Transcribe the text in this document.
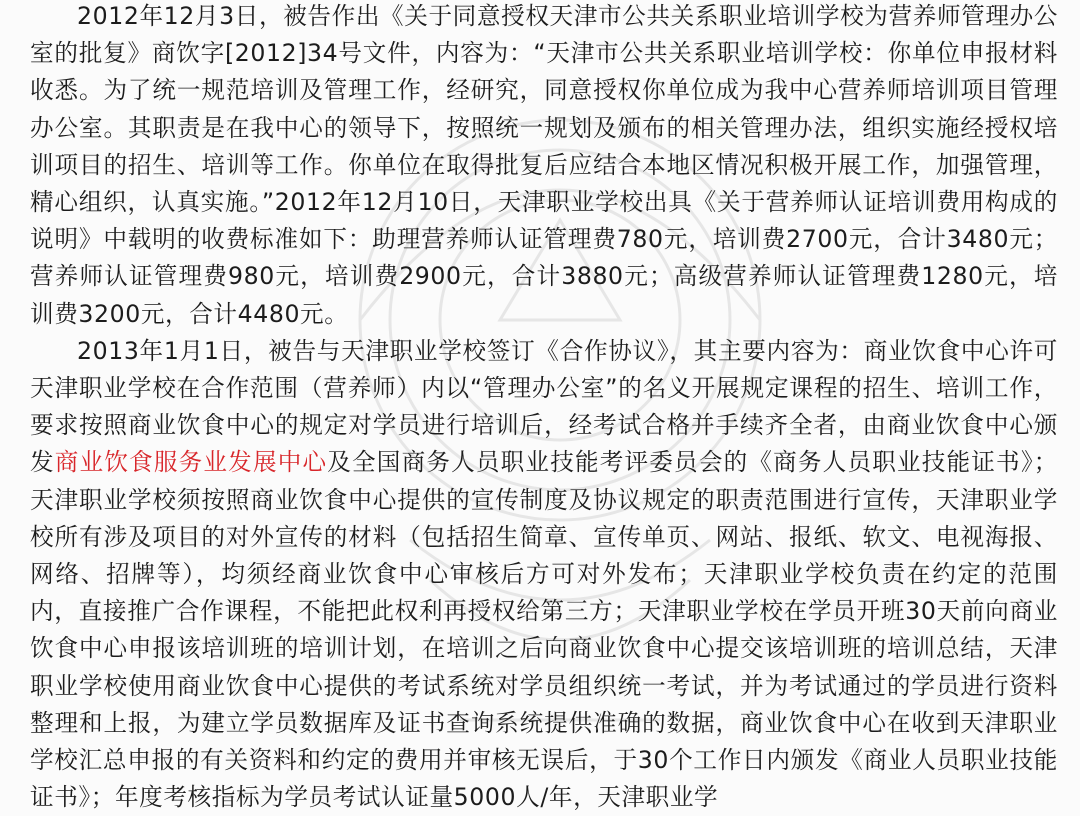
2012年12月3日，被告作出《关于同意授权天津市公共关系职业培训学校为营养师管理办公室的批复》商饮字[2012]34号文件，内容为：“天津市公共关系职业培训学校：你单位申报材料收悉。为了统一规范培训及管理工作，经研究，同意授权你单位成为我中心营养师培训项目管理办公室。其职责是在我中心的领导下，按照统一规划及颁布的相关管理办法，组织实施经授权培训项目的招生、培训等工作。你单位在取得批复后应结合本地区情况积极开展工作，加强管理，精心组织，认真实施。”2012年12月10日，天津职业学校出具《关于营养师认证培训费用构成的说明》中载明的收费标准如下：助理营养师认证管理费780元，培训费2700元，合计3480元；营养师认证管理费980元，培训费2900元，合计3880元；高级营养师认证管理费1280元，培训费3200元，合计4480元。

2013年1月1日，被告与天津职业学校签订《合作协议》，其主要内容为：商业饮食中心许可天津职业学校在合作范围（营养师）内以“管理办公室”的名义开展规定课程的招生、培训工作，要求按照商业饮食中心的规定对学员进行培训后，经考试合格并手续齐全者，由商业饮食中心颁发商业饮食服务业发展中心及全国商务人员职业技能考评委员会的《商务人员职业技能证书》；天津职业学校须按照商业饮食中心提供的宣传制度及协议规定的职责范围进行宣传，天津职业学校所有涉及项目的对外宣传的材料（包括招生简章、宣传单页、网站、报纸、软文、电视海报、网络、招牌等），均须经商业饮食中心审核后方可对外发布；天津职业学校负责在约定的范围内，直接推广合作课程，不能把此权利再授权给第三方；天津职业学校在学员开班30天前向商业饮食中心申报该培训班的培训计划，在培训之后向商业饮食中心提交该培训班的培训总结，天津职业学校使用商业饮食中心提供的考试系统对学员组织统一考试，并为考试通过的学员进行资料整理和上报，为建立学员数据库及证书查询系统提供准确的数据，商业饮食中心在收到天津职业学校汇总申报的有关资料和约定的费用并审核无误后，于30个工作日内颁发《商业人员职业技能证书》；年度考核指标为学员考试认证量5000人/年，天津职业学
